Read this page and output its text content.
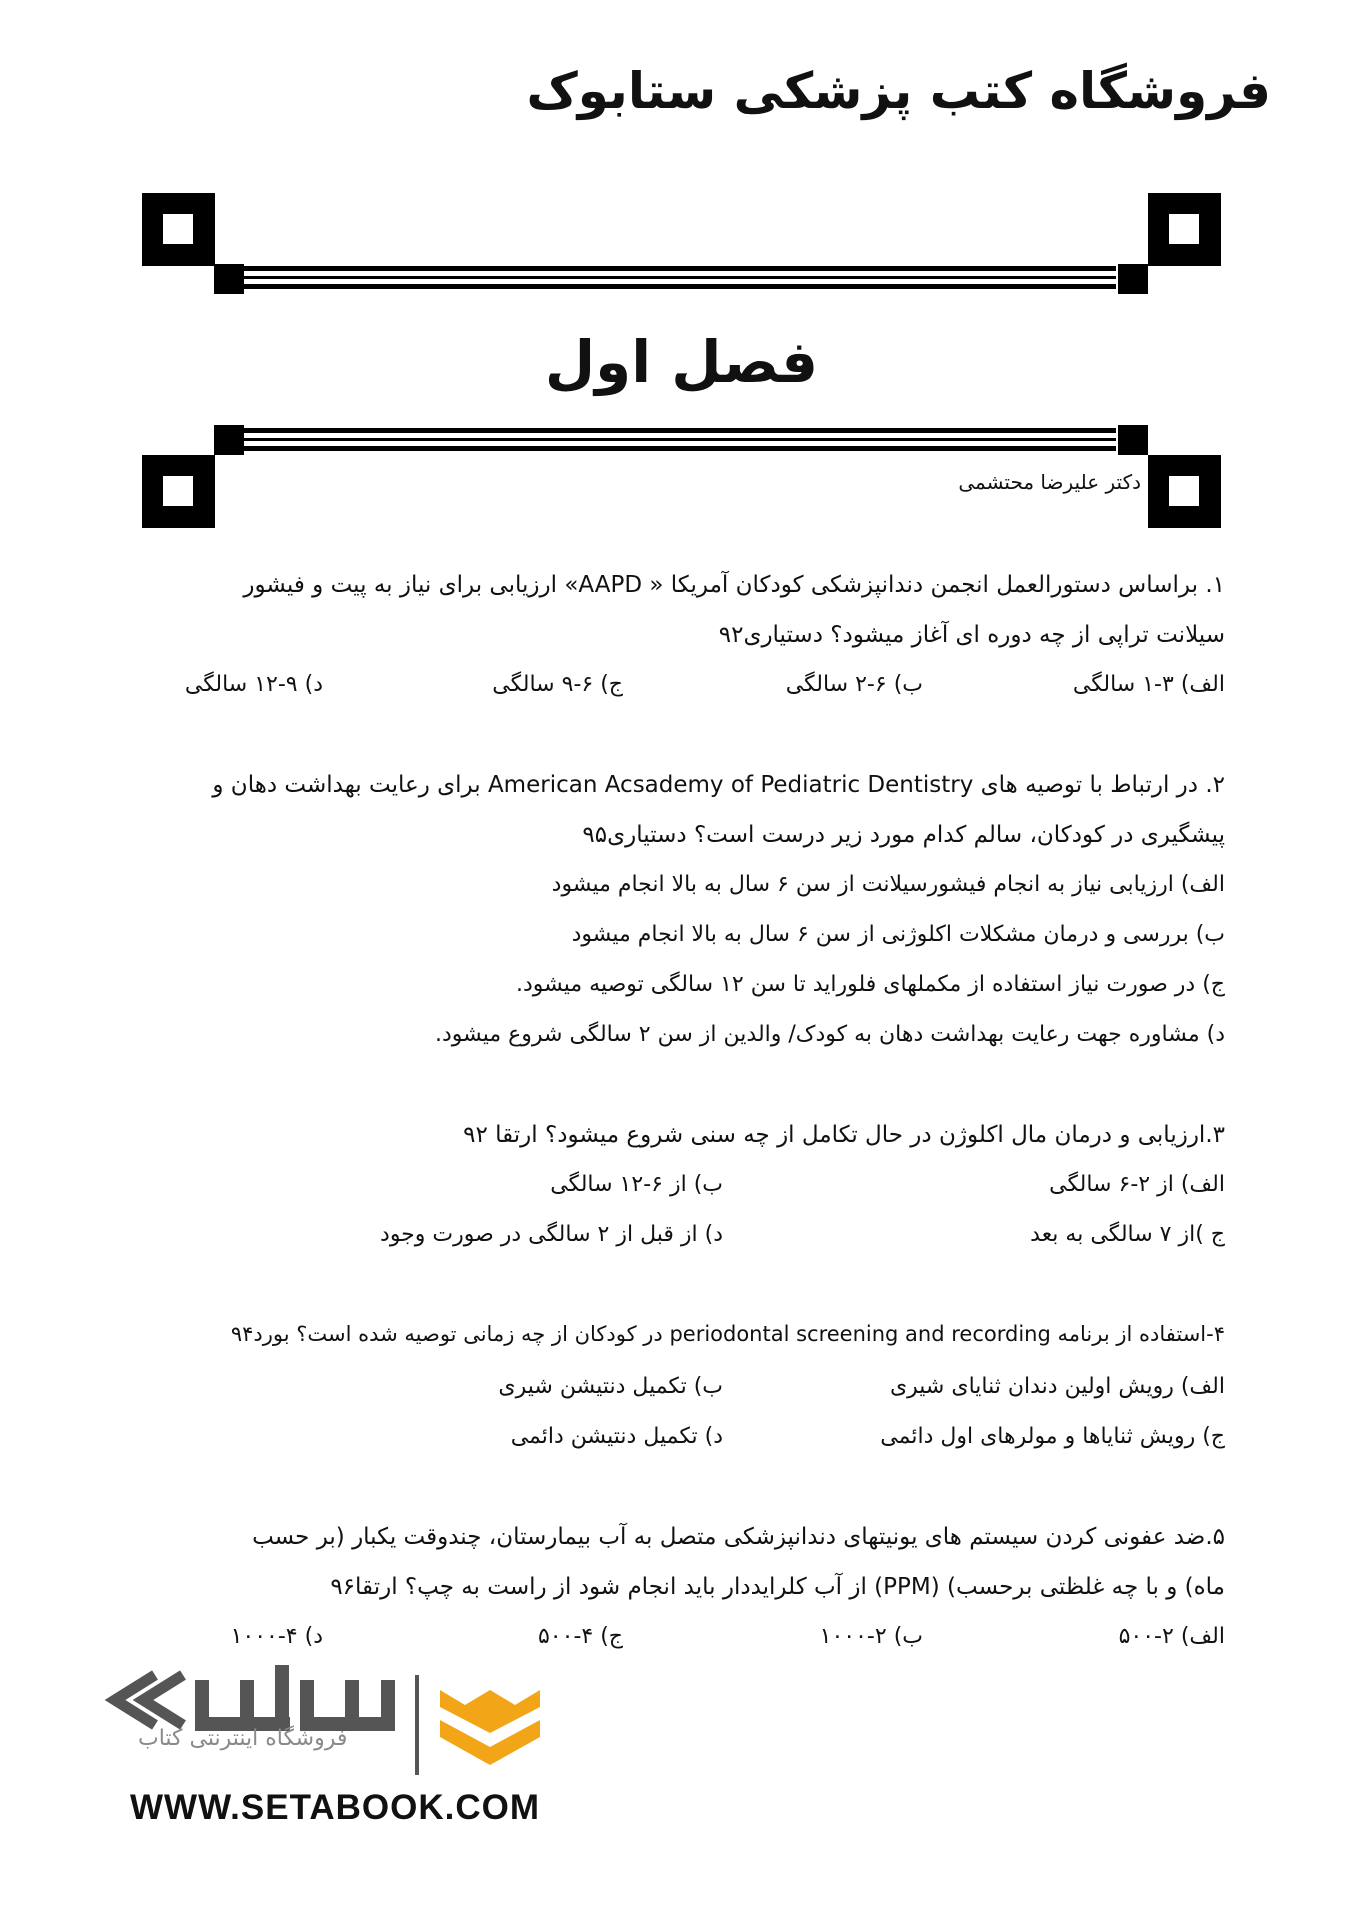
فروشگاه کتب پزشکی ستابوک
فصل اول
دکتر علیرضا محتشمی
۱. براساس دستورالعمل انجمن دندانپزشکی کودکان آمریکا « AAPD» ارزیابی برای نیاز به پیت و فیشور
سیلانت تراپی از چه دوره ای آغاز میشود؟ دستیاری۹۲
الف) ۳-۱ سالگی
ب) ۶-۲ سالگی
ج) ۶-۹ سالگی
د) ۹-۱۲ سالگی
۲. در ارتباط با توصیه های American Acsademy of Pediatric Dentistry برای رعایت بهداشت دهان و
پیشگیری در کودکان، سالم کدام مورد زیر درست است؟ دستیاری۹۵
الف) ارزیابی نیاز به انجام فیشورسیلانت از سن ۶ سال به بالا انجام میشود
ب) بررسی و درمان مشکلات اکلوژنی از سن ۶ سال به بالا انجام میشود
ج) در صورت نیاز استفاده از مکملهای فلوراید تا سن ۱۲ سالگی توصیه میشود.
د) مشاوره جهت رعایت بهداشت دهان به کودک/ والدین از سن ۲ سالگی شروع میشود.
۳.ارزیابی و درمان مال اکلوژن در حال تکامل از چه سنی شروع میشود؟ ارتقا ۹۲
الف) از ۲-۶ سالگی
ب) از ۶-۱۲ سالگی
ج )از ۷ سالگی به بعد
د) از قبل از ۲ سالگی در صورت وجود
۴-استفاده از برنامه periodontal screening and recording در کودکان از چه زمانی توصیه شده است؟ بورد۹۴
الف) رویش اولین دندان ثنایای شیری
ب) تکمیل دنتیشن شیری
ج) رویش ثنایاها و مولرهای اول دائمی
د) تکمیل دنتیشن دائمی
۵.ضد عفونی کردن سیستم های یونیتهای دندانپزشکی متصل به آب بیمارستان، چندوقت یکبار (بر حسب
ماه) و با چه غلظتی برحسب) (PPM) از آب کلرایددار باید انجام شود از راست به چپ؟ ارتقا۹۶
الف) ۲-۵۰۰
ب) ۲-۱۰۰۰
ج) ۴-۵۰۰
د) ۴-۱۰۰۰
فروشگاه اینترنتی کتاب
WWW.SETABOOK.COM
